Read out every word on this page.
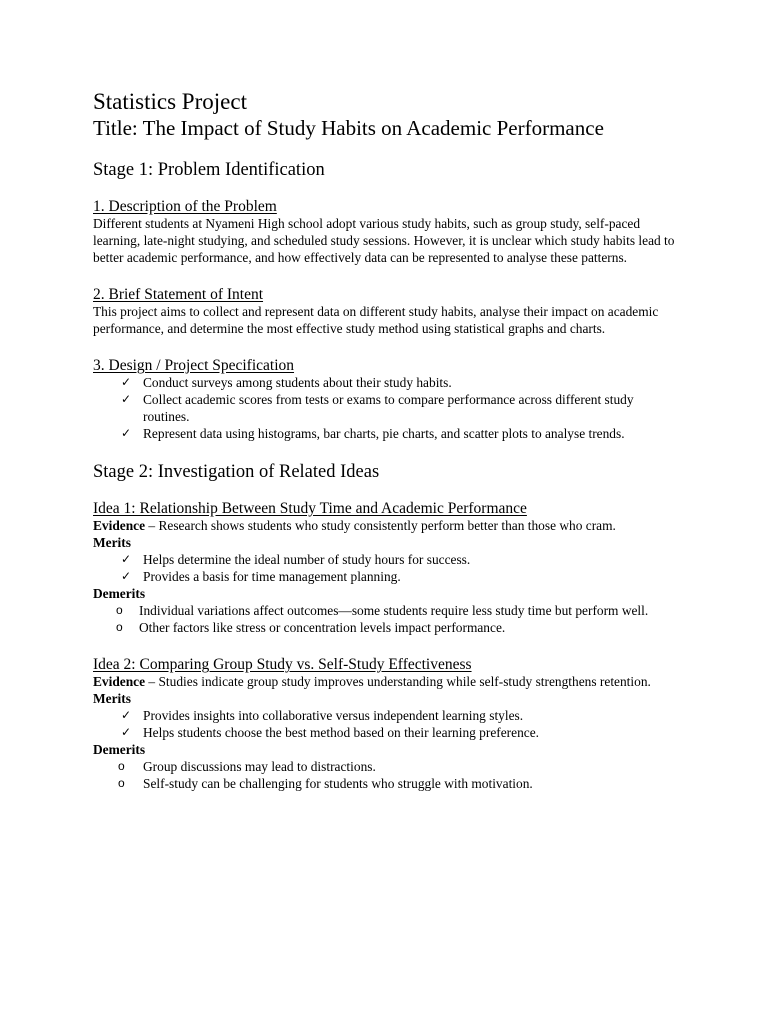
Statistics Project
Title: The Impact of Study Habits on Academic Performance
Stage 1: Problem Identification
1. Description of the Problem

Different students at Nyameni High school adopt various study habits, such as group study, self-paced learning, late-night studying, and scheduled study sessions. However, it is unclear which study habits lead to better academic performance, and how effectively data can be represented to analyse these patterns.

2. Brief Statement of Intent

This project aims to collect and represent data on different study habits, analyse their impact on academic performance, and determine the most effective study method using statistical graphs and charts.

3. Design / Project Specification
✓ Conduct surveys among students about their study habits.
✓ Collect academic scores from tests or exams to compare performance across different study routines.
✓ Represent data using histograms, bar charts, pie charts, and scatter plots to analyse trends.
Stage 2: Investigation of Related Ideas
Idea 1: Relationship Between Study Time and Academic Performance

Evidence – Research shows students who study consistently perform better than those who cram.

Merits

✓ Helps determine the ideal number of study hours for success.
✓ Provides a basis for time management planning.

Demerits

o Individual variations affect outcomes—some students require less study time but perform well.
o Other factors like stress or concentration levels impact performance.
Idea 2: Comparing Group Study vs. Self-Study Effectiveness

Evidence – Studies indicate group study improves understanding while self-study strengthens retention.

Merits

✓ Provides insights into collaborative versus independent learning styles.
✓ Helps students choose the best method based on their learning preference.

Demerits

o Group discussions may lead to distractions.
o Self-study can be challenging for students who struggle with motivation.
